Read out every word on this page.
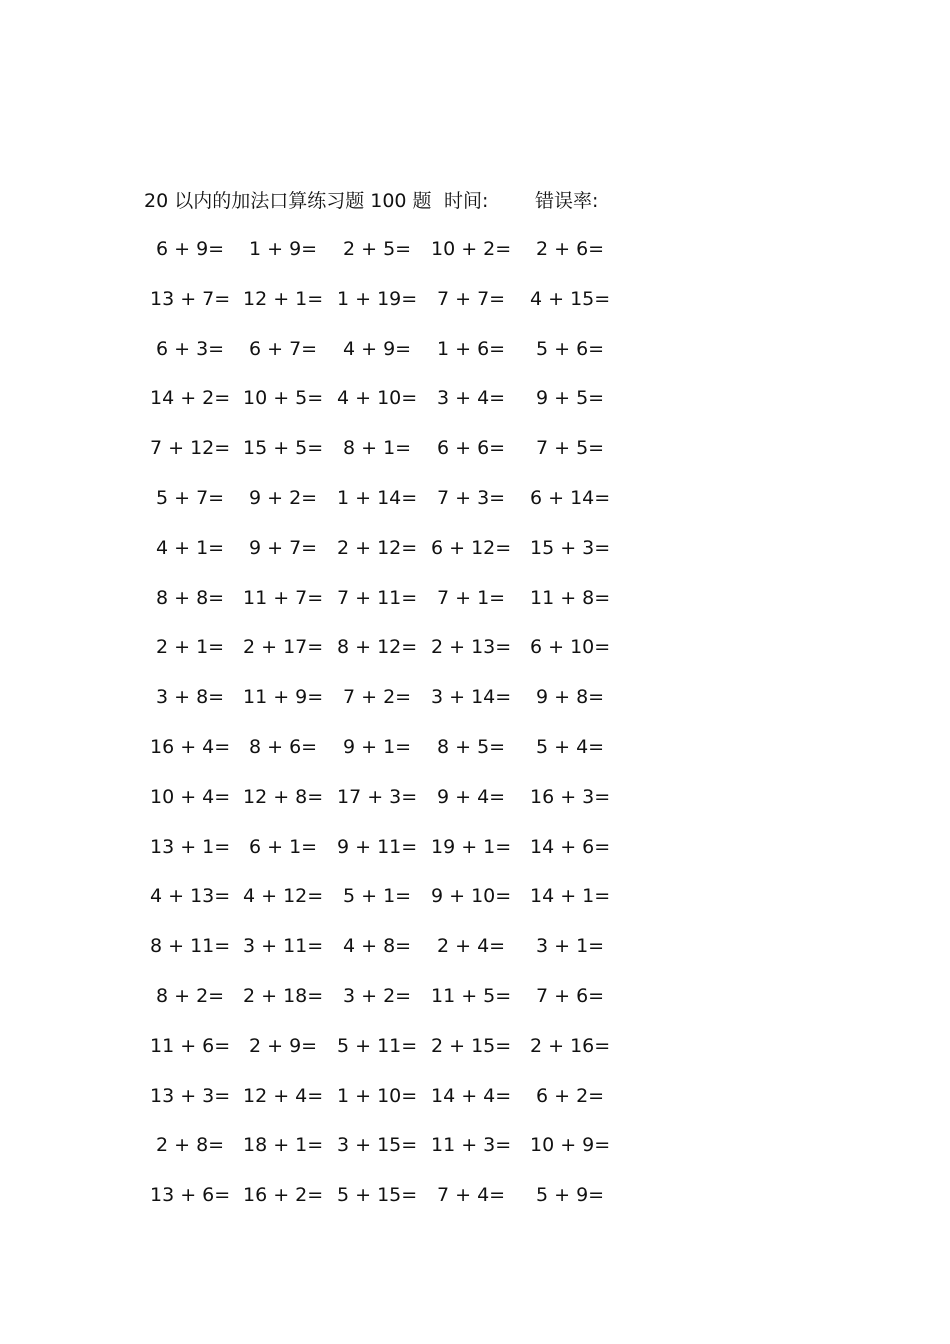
20 以内的加法口算练习题 100 题 时间: 错误率:
6 + 9= 1 + 9= 2 + 5= 10 + 2= 2 + 6=
13 + 7= 12 + 1= 1 + 19= 7 + 7= 4 + 15=
6 + 3= 6 + 7= 4 + 9= 1 + 6= 5 + 6=
14 + 2= 10 + 5= 4 + 10= 3 + 4= 9 + 5=
7 + 12= 15 + 5= 8 + 1= 6 + 6= 7 + 5=
5 + 7= 9 + 2= 1 + 14= 7 + 3= 6 + 14=
4 + 1= 9 + 7= 2 + 12= 6 + 12= 15 + 3=
8 + 8= 11 + 7= 7 + 11= 7 + 1= 11 + 8=
2 + 1= 2 + 17= 8 + 12= 2 + 13= 6 + 10=
3 + 8= 11 + 9= 7 + 2= 3 + 14= 9 + 8=
16 + 4= 8 + 6= 9 + 1= 8 + 5= 5 + 4=
10 + 4= 12 + 8= 17 + 3= 9 + 4= 16 + 3=
13 + 1= 6 + 1= 9 + 11= 19 + 1= 14 + 6=
4 + 13= 4 + 12= 5 + 1= 9 + 10= 14 + 1=
8 + 11= 3 + 11= 4 + 8= 2 + 4= 3 + 1=
8 + 2= 2 + 18= 3 + 2= 11 + 5= 7 + 6=
11 + 6= 2 + 9= 5 + 11= 2 + 15= 2 + 16=
13 + 3= 12 + 4= 1 + 10= 14 + 4= 6 + 2=
2 + 8= 18 + 1= 3 + 15= 11 + 3= 10 + 9=
13 + 6= 16 + 2= 5 + 15= 7 + 4= 5 + 9=
